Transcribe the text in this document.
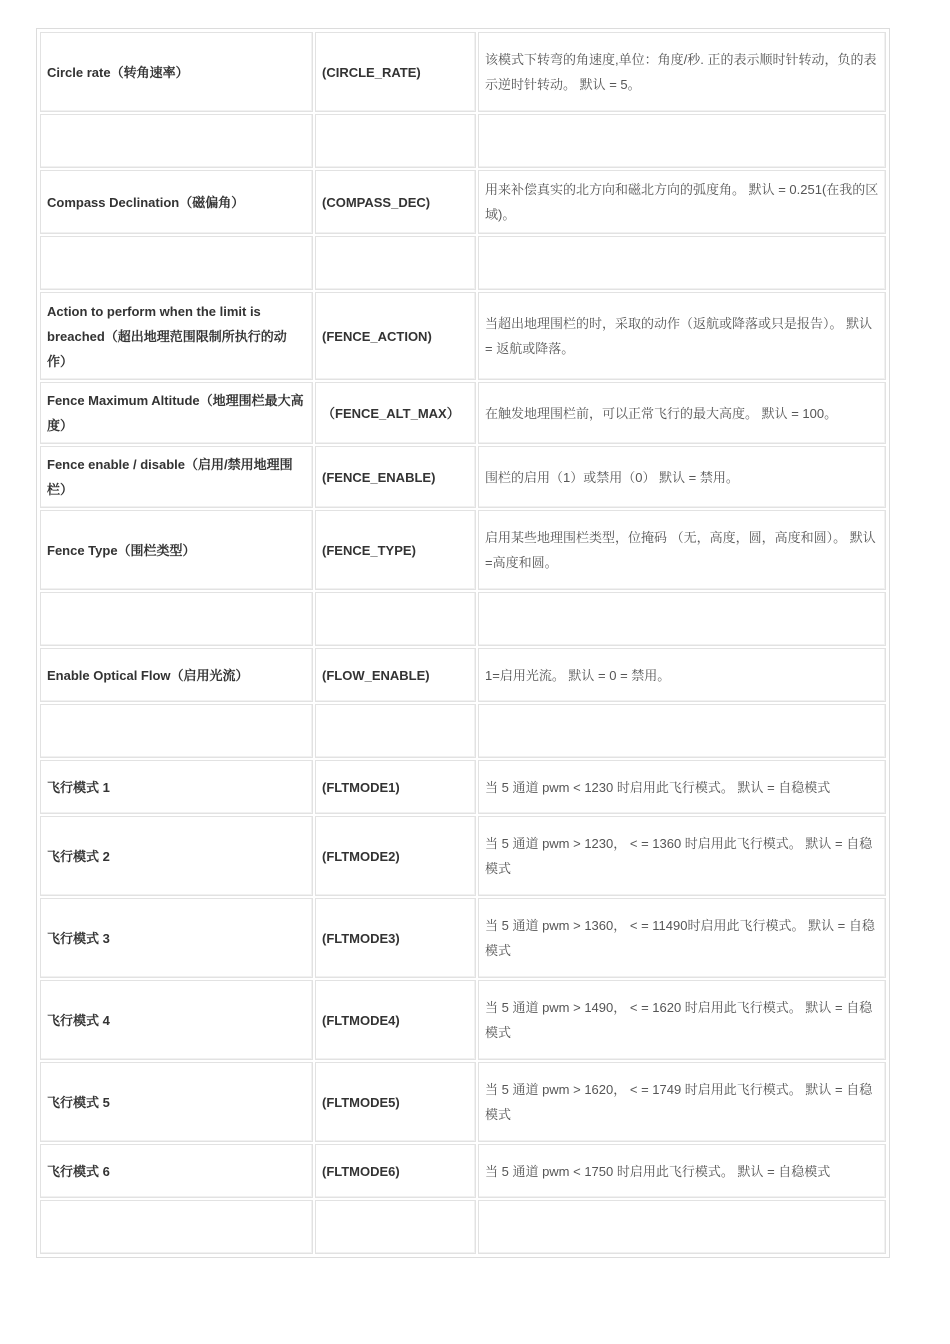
Circle rate（转角速率）	(CIRCLE_RATE)	该模式下转弯的角速度,单位：角度/秒. 正的表示顺时针转动，负的表示逆时针转动。 默认 = 5。

Compass Declination（磁偏角）	(COMPASS_DEC)	用来补偿真实的北方向和磁北方向的弧度角。 默认 = 0.251(在我的区域)。

Action to perform when the limit is breached（超出地理范围限制所执行的动作）	(FENCE_ACTION)	当超出地理围栏的时，采取的动作（返航或降落或只是报告）。 默认 = 返航或降落。
Fence Maximum Altitude（地理围栏最大高度）	（FENCE_ALT_MAX）	在触发地理围栏前，可以正常飞行的最大高度。 默认 = 100。
Fence enable / disable（启用/禁用地理围栏）	(FENCE_ENABLE)	围栏的启用（1）或禁用（0） 默认 = 禁用。
Fence Type（围栏类型）	(FENCE_TYPE)	启用某些地理围栏类型，位掩码 （无，高度，圆，高度和圆）。 默认 =高度和圆。

Enable Optical Flow（启用光流）	(FLOW_ENABLE)	1=启用光流。 默认 = 0 = 禁用。

飞行模式 1	(FLTMODE1)	当 5 通道 pwm < 1230 时启用此飞行模式。 默认 = 自稳模式
飞行模式 2	(FLTMODE2)	当 5 通道 pwm > 1230， < = 1360 时启用此飞行模式。 默认 = 自稳模式
飞行模式 3	(FLTMODE3)	当 5 通道 pwm > 1360， < = 11490时启用此飞行模式。 默认 = 自稳模式
飞行模式 4	(FLTMODE4)	当 5 通道 pwm > 1490， < = 1620 时启用此飞行模式。 默认 = 自稳模式
飞行模式 5	(FLTMODE5)	当 5 通道 pwm > 1620， < = 1749 时启用此飞行模式。 默认 = 自稳模式
飞行模式 6	(FLTMODE6)	当 5 通道 pwm < 1750 时启用此飞行模式。 默认 = 自稳模式
